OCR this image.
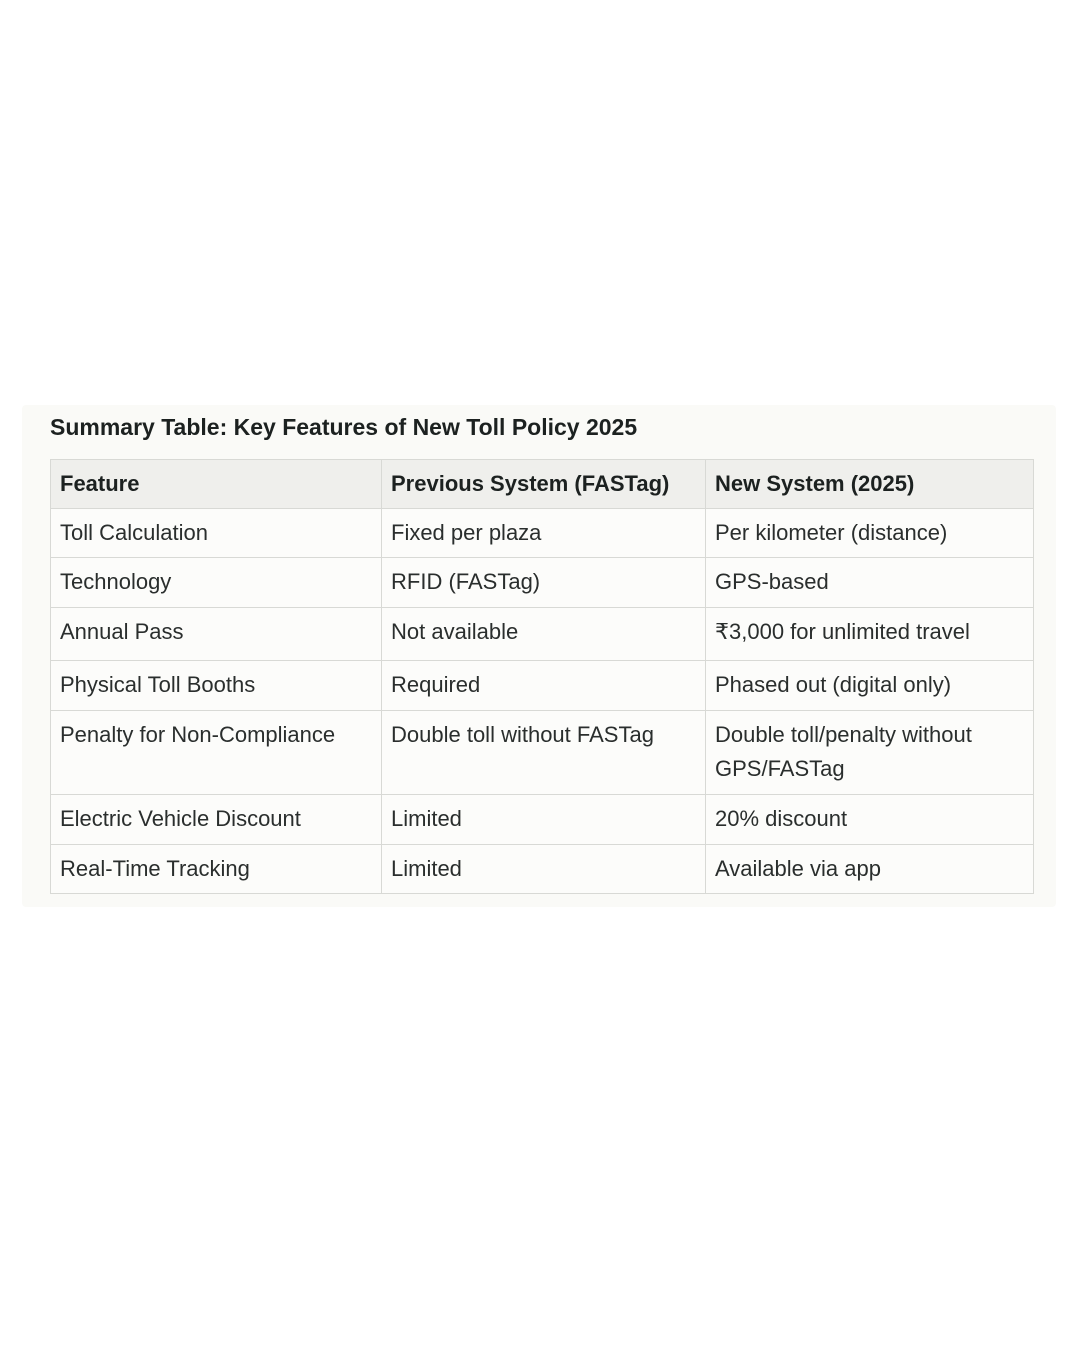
Summary Table: Key Features of New Toll Policy 2025
Feature	Previous System (FASTag)	New System (2025)
Toll Calculation	Fixed per plaza	Per kilometer (distance)
Technology	RFID (FASTag)	GPS-based
Annual Pass	Not available	₹3,000 for unlimited travel
Physical Toll Booths	Required	Phased out (digital only)
Penalty for Non-Compliance	Double toll without FASTag	Double toll/penalty without GPS/FASTag
Electric Vehicle Discount	Limited	20% discount
Real-Time Tracking	Limited	Available via app
